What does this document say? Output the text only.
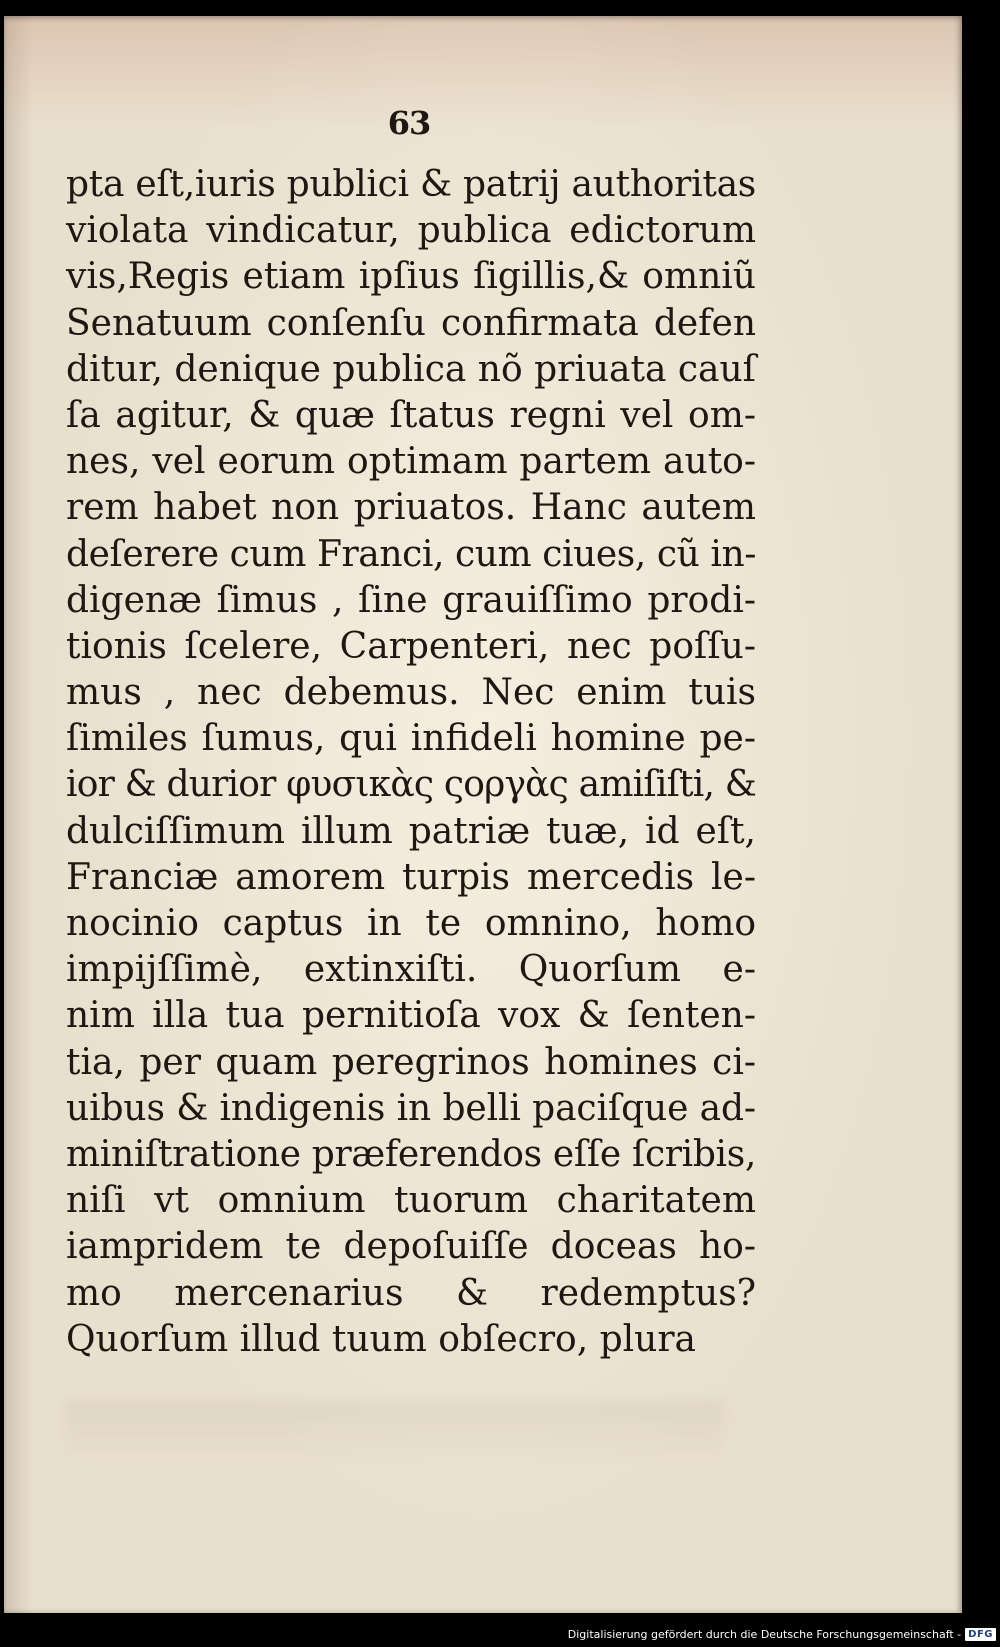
63
pta eſt,iuris publici & patrij authoritas
violata vindicatur, publica edictorum
vis,Regis etiam ipſius ſigillis,& omniũ
Senatuum conſenſu confirmata defen
ditur, denique publica nõ priuata cauſ
ſa agitur, & quæ ſtatus regni vel om-
nes, vel eorum optimam partem auto-
rem habet non priuatos. Hanc autem
deſerere cum Franci, cum ciues, cũ in-
digenæ ſimus , ſine grauiſſimo prodi-
tionis ſcelere, Carpenteri, nec poſſu-
mus , nec debemus. Nec enim tuis
ſimiles ſumus, qui infideli homine pe-
ior & durior φυσικὰς ςοργὰς amiſiſti, &
dulciſſimum illum patriæ tuæ, id eſt,
Franciæ amorem turpis mercedis le-
nocinio captus in te omnino, homo
impijſſimè, extinxiſti. Quorſum e-
nim illa tua pernitioſa vox & ſenten-
tia, per quam peregrinos homines ci-
uibus & indigenis in belli paciſque ad-
miniſtratione præferendos eſſe ſcribis,
niſi vt omnium tuorum charitatem
iampridem te depoſuiſſe doceas ho-
mo mercenarius & redemptus?
Quorſum illud tuum obſecro, plura
Digitalisierung gefördert durch die Deutsche Forschungsgemeinschaft - DFG
